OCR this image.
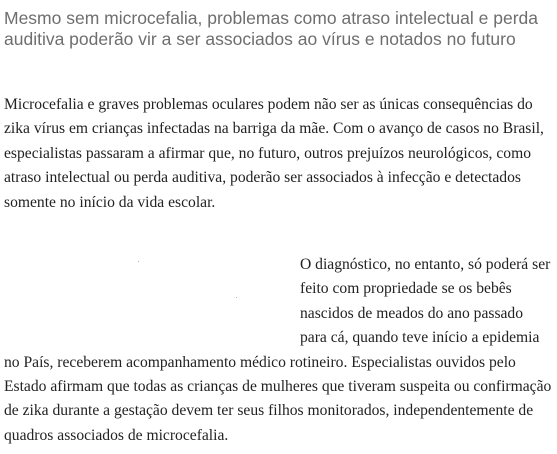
Mesmo sem microcefalia, problemas como atraso intelectual e perda auditiva poderão vir a ser associados ao vírus e notados no futuro

Microcefalia e graves problemas oculares podem não ser as únicas consequências do zika vírus em crianças infectadas na barriga da mãe. Com o avanço de casos no Brasil, especialistas passaram a afirmar que, no futuro, outros prejuízos neurológicos, como atraso intelectual ou perda auditiva, poderão ser associados à infecção e detectados somente no início da vida escolar.

O diagnóstico, no entanto, só poderá ser feito com propriedade se os bebês nascidos de meados do ano passado para cá, quando teve início a epidemia no País, receberem acompanhamento médico rotineiro. Especialistas ouvidos pelo Estado afirmam que todas as crianças de mulheres que tiveram suspeita ou confirmação de zika durante a gestação devem ter seus filhos monitorados, independentemente de quadros associados de microcefalia.
